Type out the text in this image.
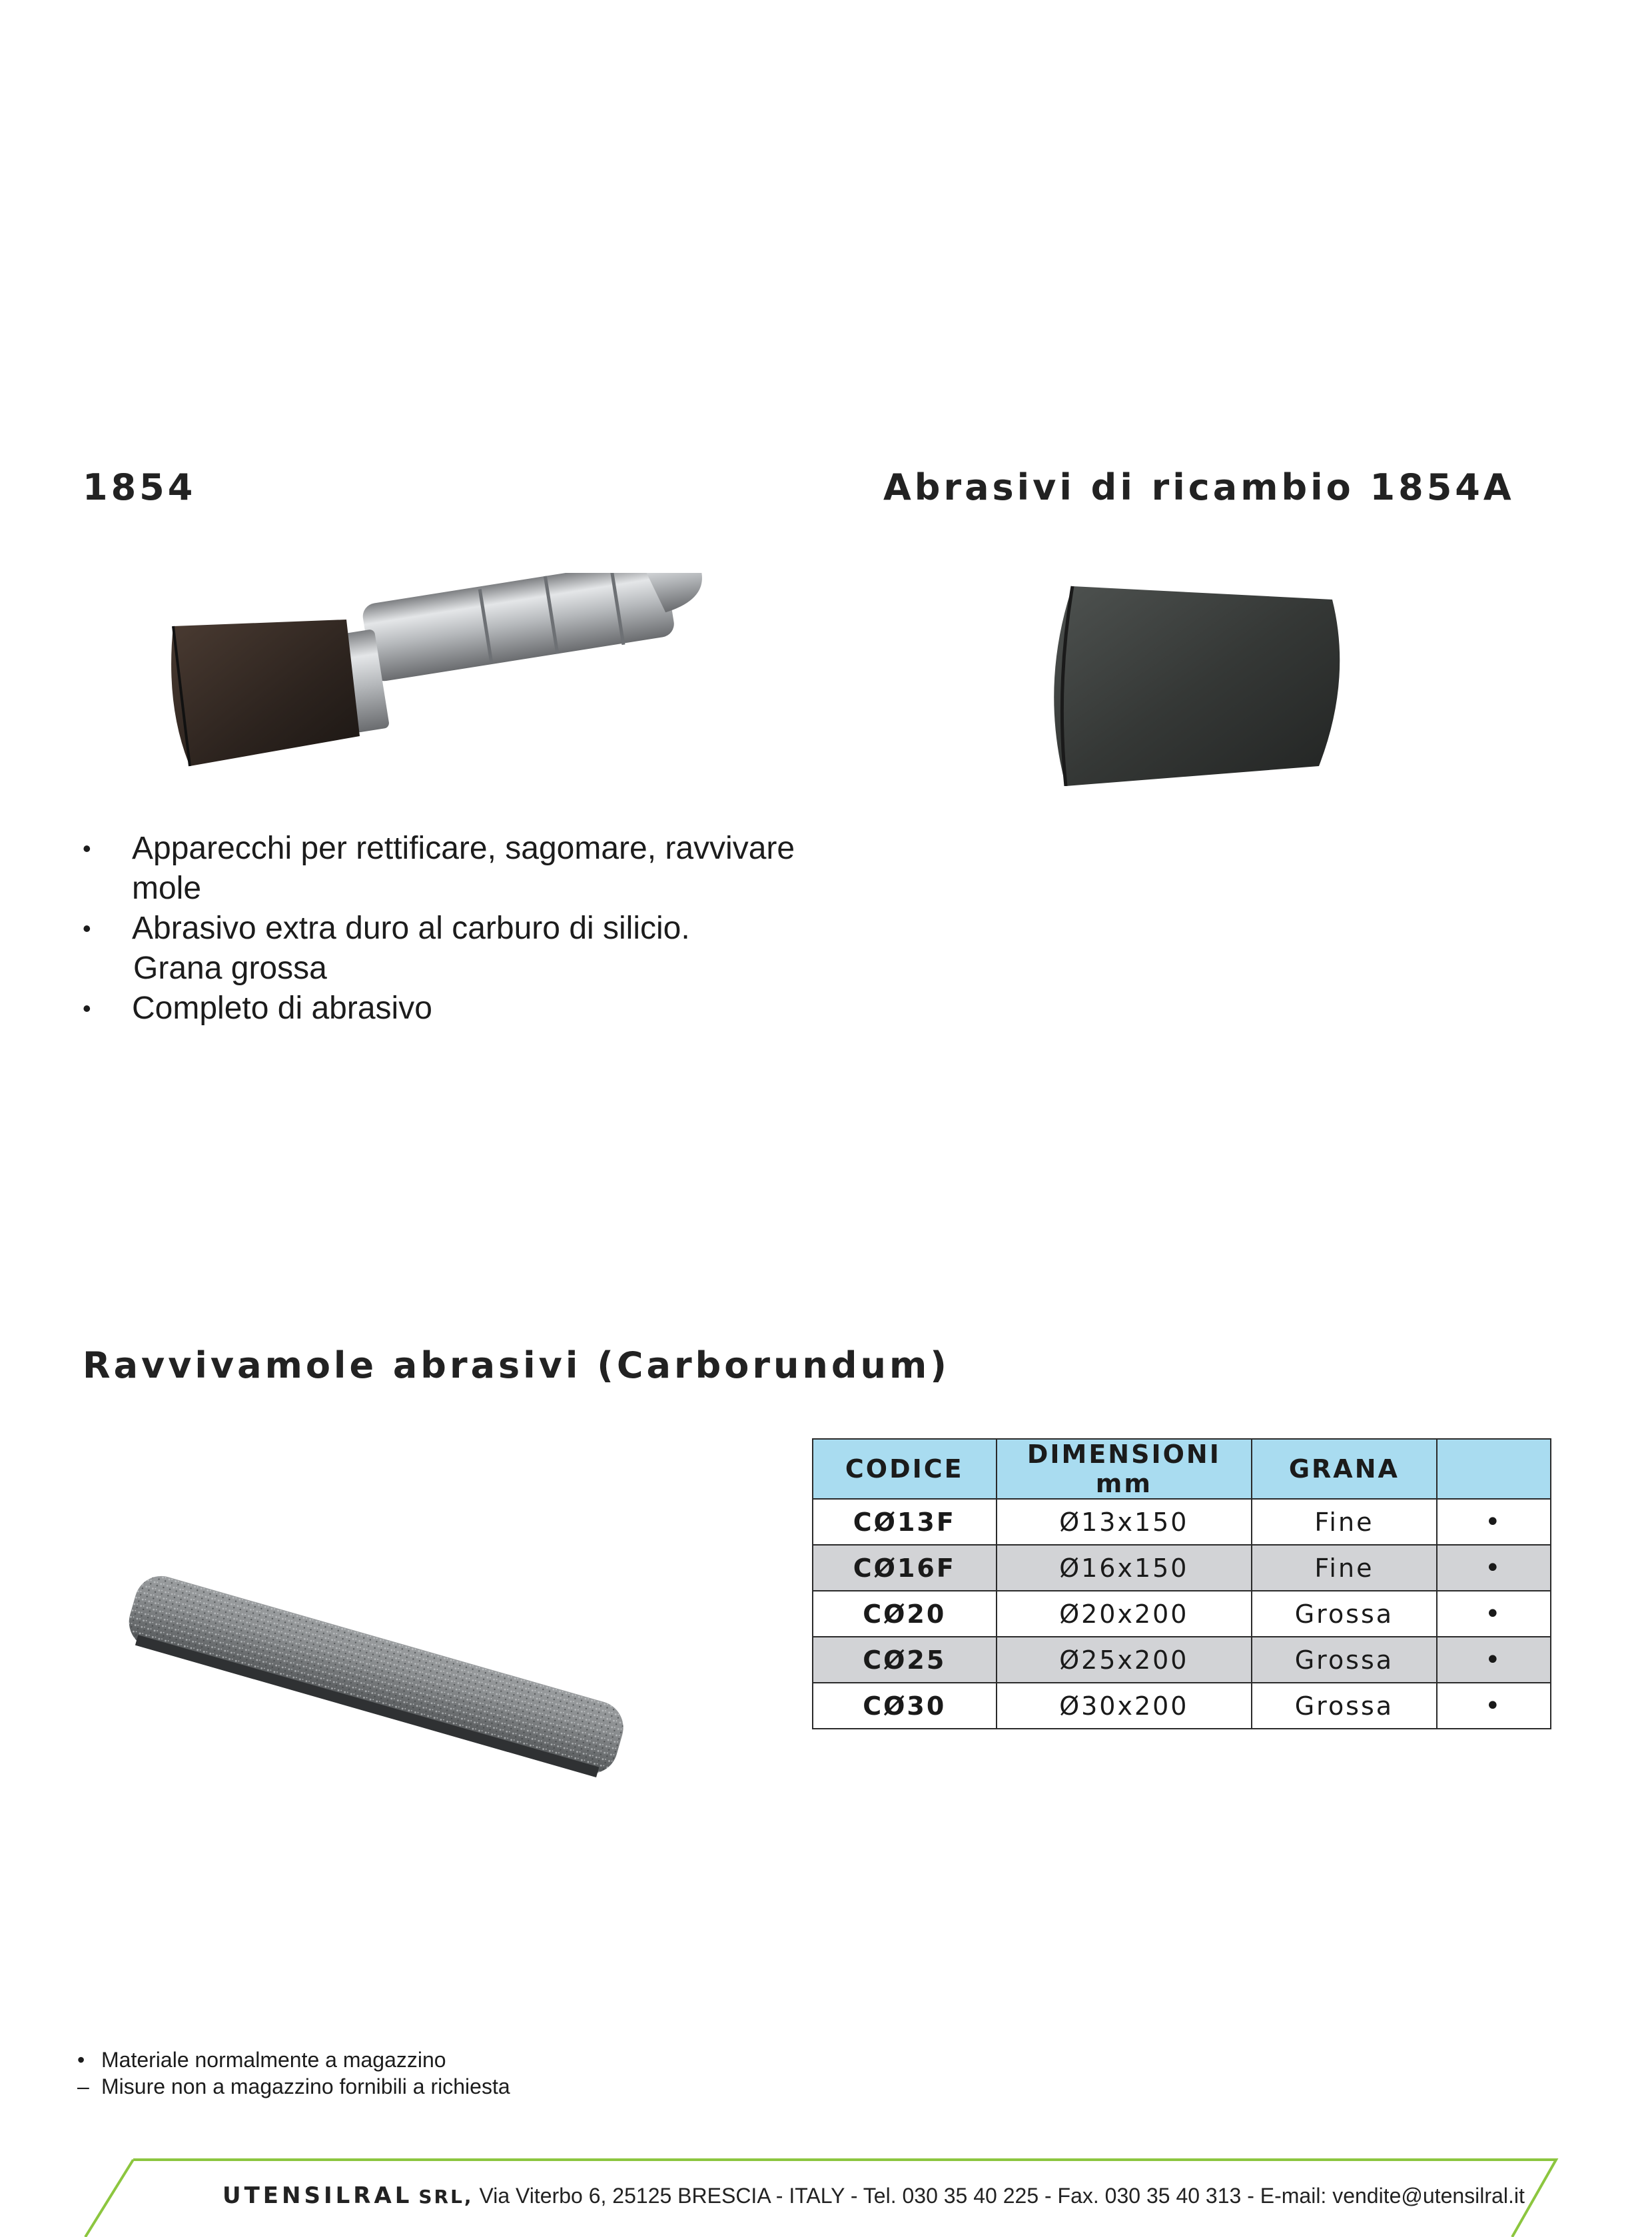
1854	Abrasivi di ricambio 1854A
• Apparecchi per rettificare, sagomare, ravvivare
mole
• Abrasivo extra duro al carburo di silicio.
Grana grossa
• Completo di abrasivo
Ravvivamole abrasivi (Carborundum)
CODICE	DIMENSIONI mm	GRANA	
CØ13F	Ø13x150	Fine	•
CØ16F	Ø16x150	Fine	•
CØ20	Ø20x200	Grossa	•
CØ25	Ø25x200	Grossa	•
CØ30	Ø30x200	Grossa	•
• Materiale normalmente a magazzino
– Misure non a magazzino fornibili a richiesta
UTENSILRAL SRL, Via Viterbo 6, 25125 BRESCIA - ITALY - Tel. 030 35 40 225 - Fax. 030 35 40 313 - E-mail: vendite@utensilral.it
